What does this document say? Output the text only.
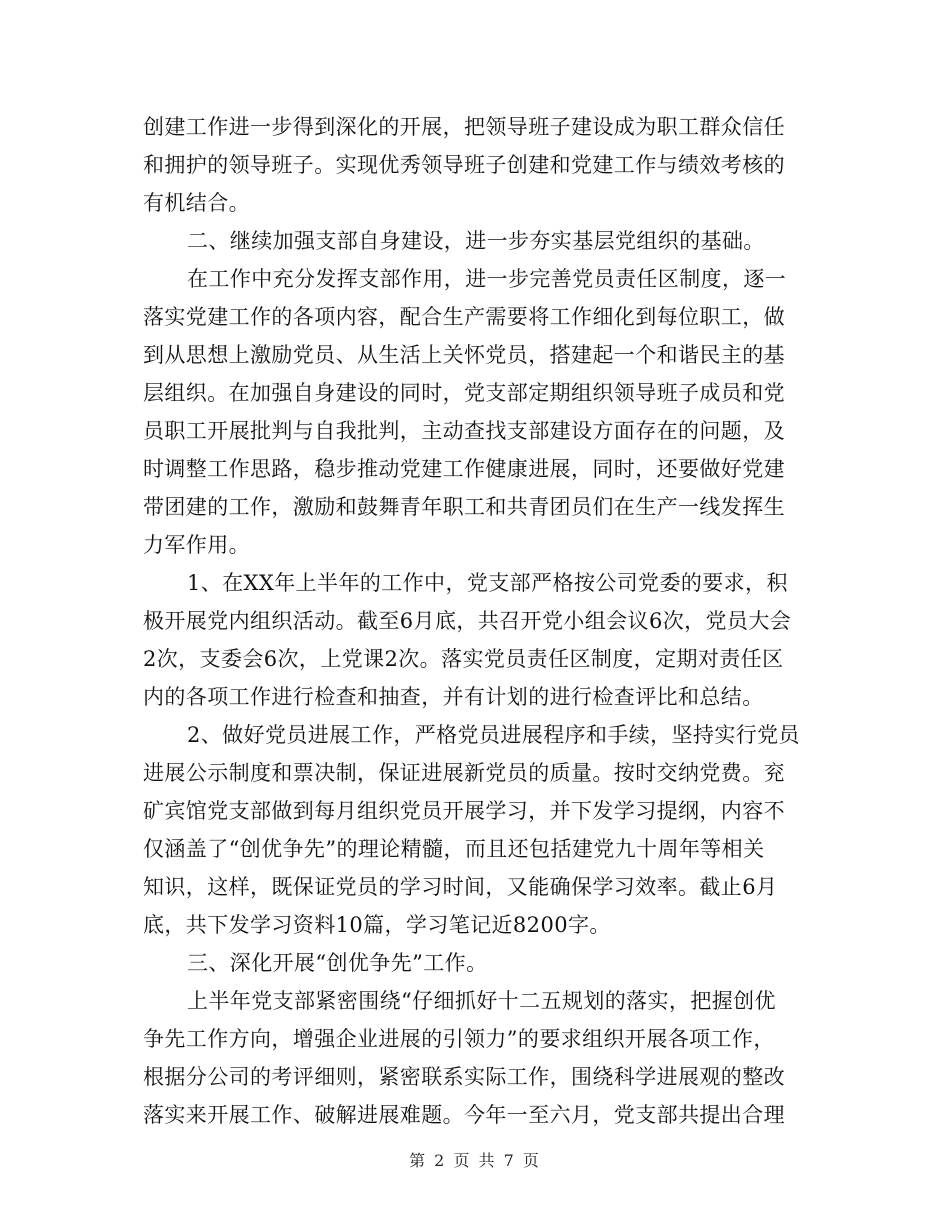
创建工作进一步得到深化的开展，把领导班子建设成为职工群众信任
和拥护的领导班子。实现优秀领导班子创建和党建工作与绩效考核的
有机结合。
二、继续加强支部自身建设，进一步夯实基层党组织的基础。
在工作中充分发挥支部作用，进一步完善党员责任区制度，逐一
落实党建工作的各项内容，配合生产需要将工作细化到每位职工，做
到从思想上激励党员、从生活上关怀党员，搭建起一个和谐民主的基
层组织。在加强自身建设的同时，党支部定期组织领导班子成员和党
员职工开展批判与自我批判，主动查找支部建设方面存在的问题，及
时调整工作思路，稳步推动党建工作健康进展，同时，还要做好党建
带团建的工作，激励和鼓舞青年职工和共青团员们在生产一线发挥生
力军作用。
1、在XX年上半年的工作中，党支部严格按公司党委的要求，积
极开展党内组织活动。截至6月底，共召开党小组会议6次，党员大会
2次，支委会6次，上党课2次。落实党员责任区制度，定期对责任区
内的各项工作进行检查和抽查，并有计划的进行检查评比和总结。
2、做好党员进展工作，严格党员进展程序和手续，坚持实行党员
进展公示制度和票决制，保证进展新党员的质量。按时交纳党费。兖
矿宾馆党支部做到每月组织党员开展学习，并下发学习提纲，内容不
仅涵盖了“创优争先”的理论精髓，而且还包括建党九十周年等相关
知识，这样，既保证党员的学习时间，又能确保学习效率。截止6月
底，共下发学习资料10篇，学习笔记近8200字。
三、深化开展“创优争先”工作。
上半年党支部紧密围绕“仔细抓好十二五规划的落实，把握创优
争先工作方向，增强企业进展的引领力”的要求组织开展各项工作，
根据分公司的考评细则，紧密联系实际工作，围绕科学进展观的整改
落实来开展工作、破解进展难题。今年一至六月，党支部共提出合理
第 2 页 共 7 页
